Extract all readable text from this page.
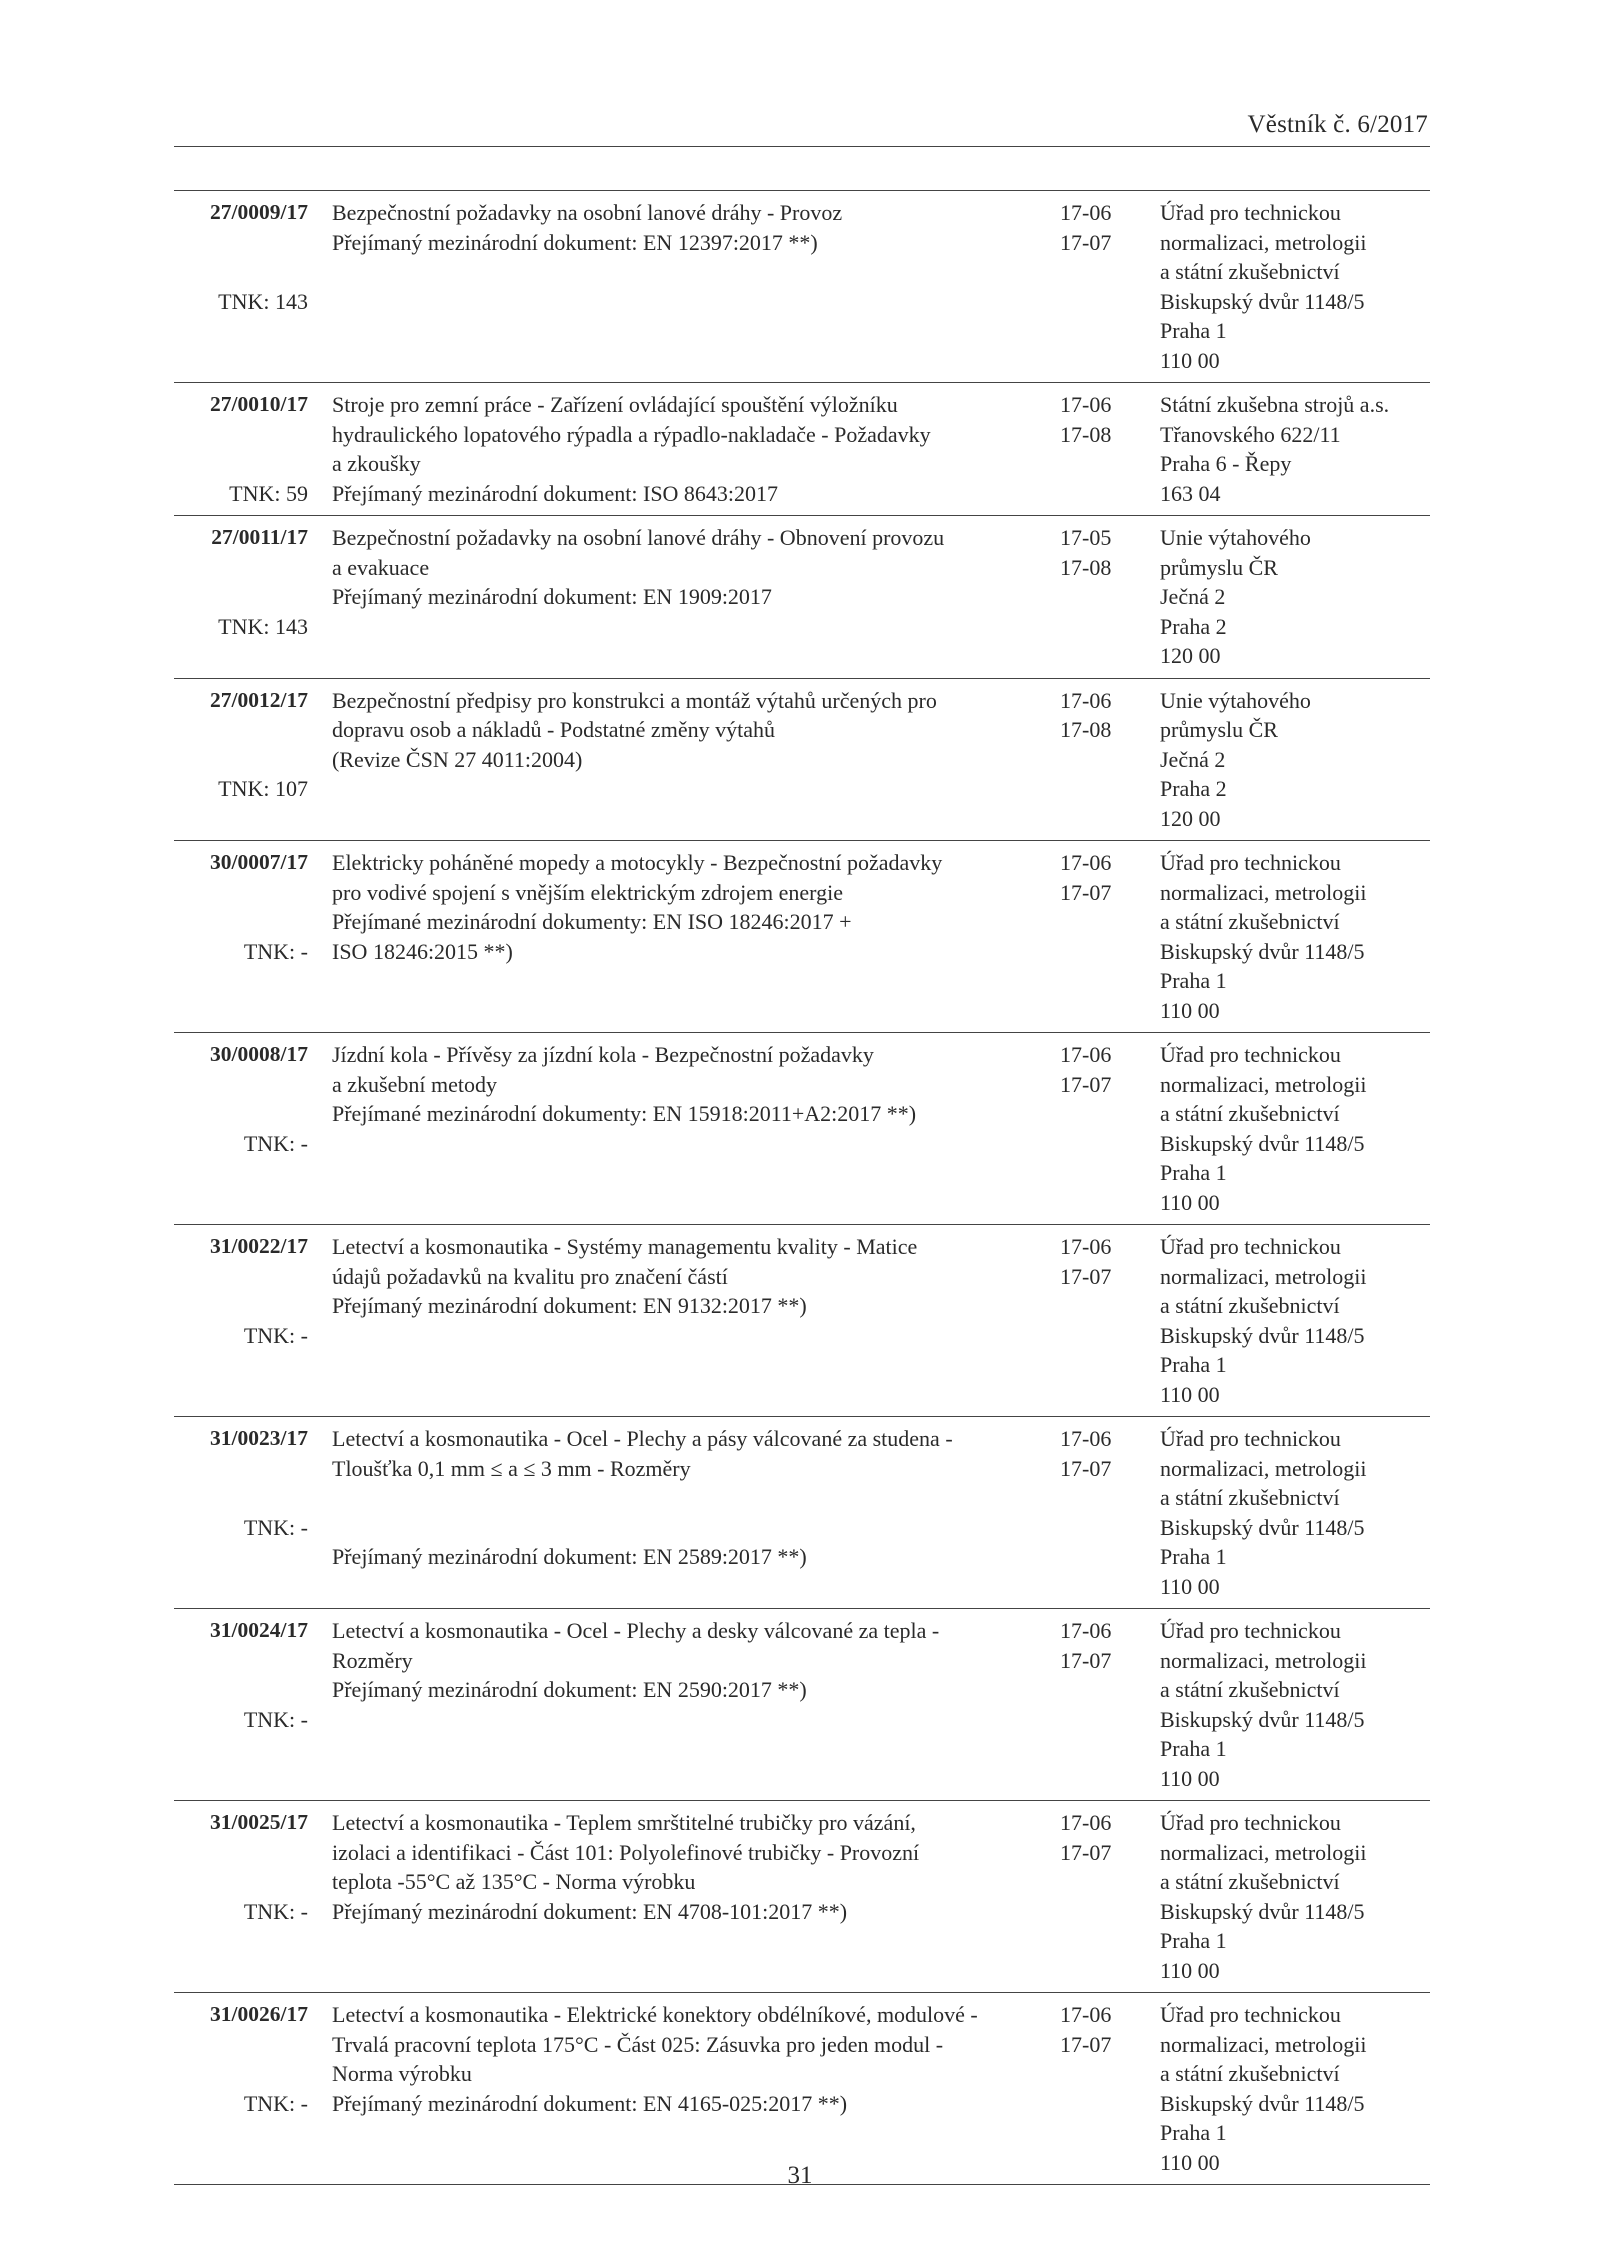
Věstník č. 6/2017
27/0009/17
TNK: 143
Bezpečnostní požadavky na osobní lanové dráhy - Provoz
Přejímaný mezinárodní dokument: EN 12397:2017 **)
17-06
17-07
Úřad pro technickou
normalizaci, metrologii
a státní zkušebnictví
Biskupský dvůr 1148/5
Praha 1
110 00
27/0010/17
TNK: 59
Stroje pro zemní práce - Zařízení ovládající spouštění výložníku
hydraulického lopatového rýpadla a rýpadlo-nakladače - Požadavky
a zkoušky
Přejímaný mezinárodní dokument: ISO 8643:2017
17-06
17-08
Státní zkušebna strojů a.s.
Třanovského 622/11
Praha 6 - Řepy
163 04
27/0011/17
TNK: 143
Bezpečnostní požadavky na osobní lanové dráhy - Obnovení provozu
a evakuace
Přejímaný mezinárodní dokument: EN 1909:2017
17-05
17-08
Unie výtahového
průmyslu ČR
Ječná 2
Praha 2
120 00
27/0012/17
TNK: 107
Bezpečnostní předpisy pro konstrukci a montáž výtahů určených pro
dopravu osob a nákladů - Podstatné změny výtahů
(Revize ČSN 27 4011:2004)
17-06
17-08
Unie výtahového
průmyslu ČR
Ječná 2
Praha 2
120 00
30/0007/17
TNK: -
Elektricky poháněné mopedy a motocykly - Bezpečnostní požadavky
pro vodivé spojení s vnějším elektrickým zdrojem energie
Přejímané mezinárodní dokumenty: EN ISO 18246:2017 +
ISO 18246:2015 **)
17-06
17-07
Úřad pro technickou
normalizaci, metrologii
a státní zkušebnictví
Biskupský dvůr 1148/5
Praha 1
110 00
30/0008/17
TNK: -
Jízdní kola - Přívěsy za jízdní kola - Bezpečnostní požadavky
a zkušební metody
Přejímané mezinárodní dokumenty: EN 15918:2011+A2:2017 **)
17-06
17-07
Úřad pro technickou
normalizaci, metrologii
a státní zkušebnictví
Biskupský dvůr 1148/5
Praha 1
110 00
31/0022/17
TNK: -
Letectví a kosmonautika - Systémy managementu kvality - Matice
údajů požadavků na kvalitu pro značení částí
Přejímaný mezinárodní dokument: EN 9132:2017 **)
17-06
17-07
Úřad pro technickou
normalizaci, metrologii
a státní zkušebnictví
Biskupský dvůr 1148/5
Praha 1
110 00
31/0023/17
TNK: -
Letectví a kosmonautika - Ocel - Plechy a pásy válcované za studena -
Tloušťka 0,1 mm ≤ a ≤ 3 mm - Rozměry
Přejímaný mezinárodní dokument: EN 2589:2017 **)
17-06
17-07
Úřad pro technickou
normalizaci, metrologii
a státní zkušebnictví
Biskupský dvůr 1148/5
Praha 1
110 00
31/0024/17
TNK: -
Letectví a kosmonautika - Ocel - Plechy a desky válcované za tepla -
Rozměry
Přejímaný mezinárodní dokument: EN 2590:2017 **)
17-06
17-07
Úřad pro technickou
normalizaci, metrologii
a státní zkušebnictví
Biskupský dvůr 1148/5
Praha 1
110 00
31/0025/17
TNK: -
Letectví a kosmonautika - Teplem smrštitelné trubičky pro vázání,
izolaci a identifikaci - Část 101: Polyolefinové trubičky - Provozní
teplota -55°C až 135°C - Norma výrobku
Přejímaný mezinárodní dokument: EN 4708-101:2017 **)
17-06
17-07
Úřad pro technickou
normalizaci, metrologii
a státní zkušebnictví
Biskupský dvůr 1148/5
Praha 1
110 00
31/0026/17
TNK: -
Letectví a kosmonautika - Elektrické konektory obdélníkové, modulové -
Trvalá pracovní teplota 175°C - Část 025: Zásuvka pro jeden modul -
Norma výrobku
Přejímaný mezinárodní dokument: EN 4165-025:2017 **)
17-06
17-07
Úřad pro technickou
normalizaci, metrologii
a státní zkušebnictví
Biskupský dvůr 1148/5
Praha 1
110 00
31
